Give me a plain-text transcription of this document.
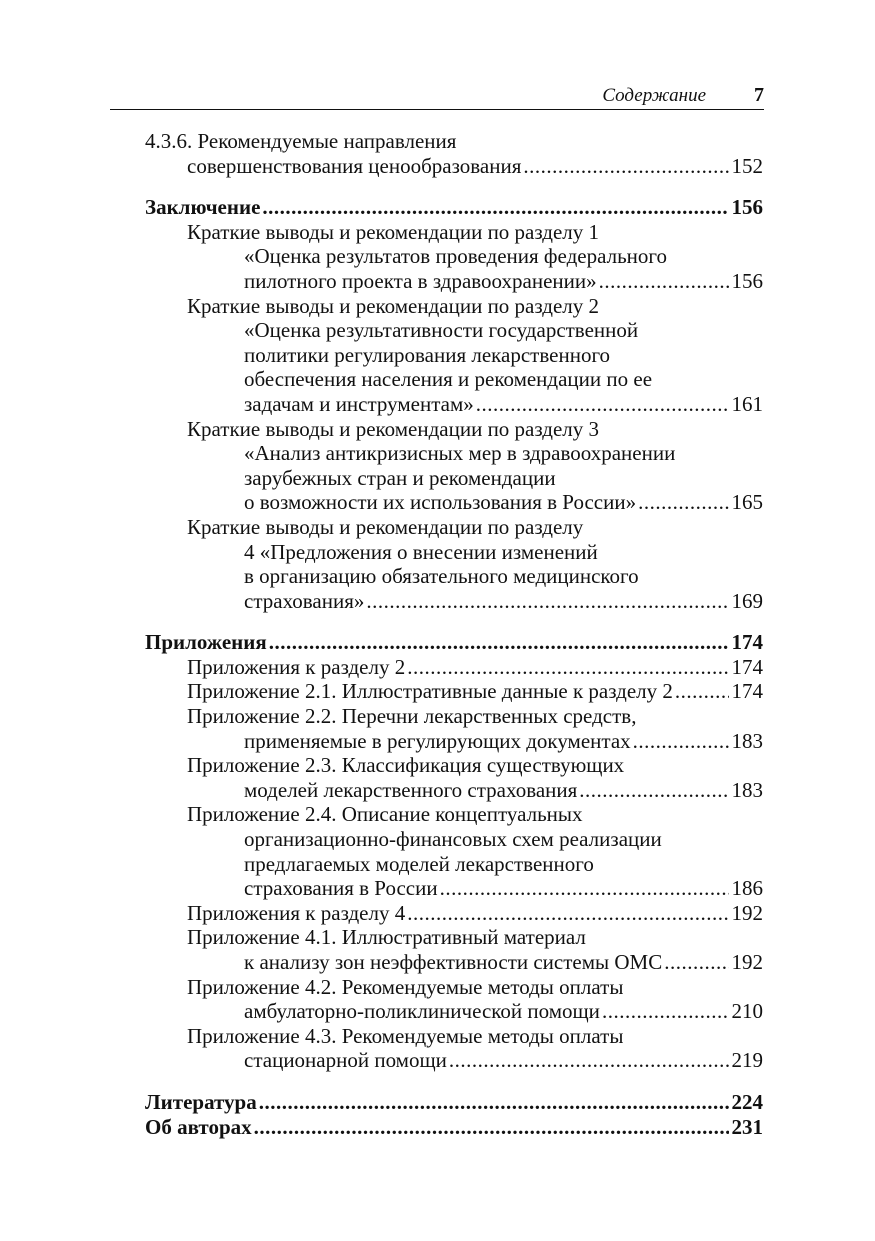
Содержание 7
4.3.6. Рекомендуемые направления
совершенствования ценообразования .....	152
Заключение .....	156
Краткие выводы и рекомендации по разделу 1
«Оценка результатов проведения федерального
пилотного проекта в здравоохранении» .....	156
Краткие выводы и рекомендации по разделу 2
«Оценка результативности государственной
политики регулирования лекарственного
обеспечения населения и рекомендации по ее
задачам и инструментам» .....	161
Краткие выводы и рекомендации по разделу 3
«Анализ антикризисных мер в здравоохранении
зарубежных стран и рекомендации
о возможности их использования в России» .....	165
Краткие выводы и рекомендации по разделу
4 «Предложения о внесении изменений
в организацию обязательного медицинского
страхования» .....	169
Приложения .....	174
Приложения к разделу 2 .....	174
Приложение 2.1. Иллюстративные данные к разделу 2 .....	174
Приложение 2.2. Перечни лекарственных средств,
применяемые в регулирующих документах .....	183
Приложение 2.3. Классификация существующих
моделей лекарственного страхования .....	183
Приложение 2.4. Описание концептуальных
организационно-финансовых схем реализации
предлагаемых моделей лекарственного
страхования в России .....	186
Приложения к разделу 4 .....	192
Приложение 4.1. Иллюстративный материал
к анализу зон неэффективности системы ОМС .....	192
Приложение 4.2. Рекомендуемые методы оплаты
амбулаторно-поликлинической помощи .....	210
Приложение 4.3. Рекомендуемые методы оплаты
стационарной помощи .....	219
Литература .....	224
Об авторах .....	231
